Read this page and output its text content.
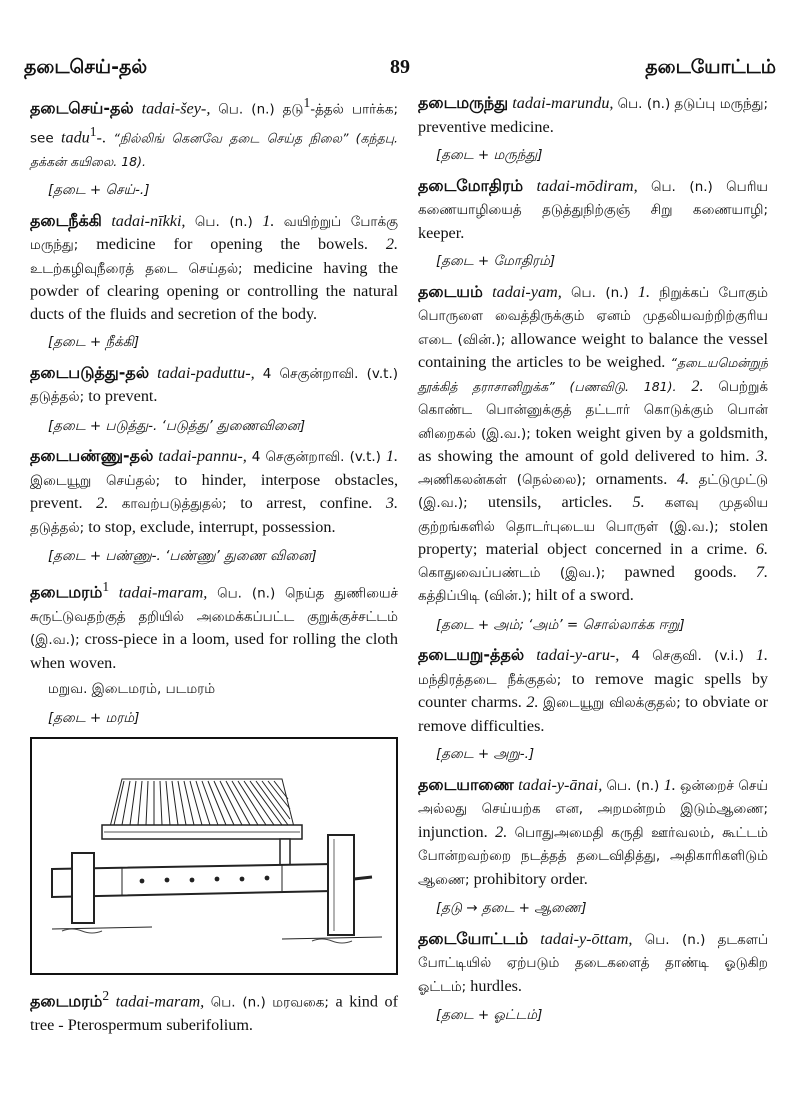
தடைசெய்-தல்	89	தடையோட்டம்
தடைசெய்-தல் tadai-šey-, பெ. (n.) தடு$^1$-த்தல் பார்க்க; see tadu$^1$-. “நில்லிங் கெனவே தடை செய்த நிலை” (கந்தபு. தக்கன் கயிலை. 18).
[தடை + செய்-.]
தடைநீக்கி tadai-nīkki, பெ. (n.) 1. வயிற்றுப் போக்கு மருந்து; medicine for opening the bowels. 2. உடற்கழிவுநீரைத் தடை செய்தல்; medicine having the powder of clearing opening or controlling the natural ducts of the fluids and secretion of the body.
[தடை + நீக்கி]
தடைபடுத்து-தல் tadai-paduttu-, 4 செகுன்றாவி. (v.t.) தடுத்தல்; to prevent.
[தடை + படுத்து-. ‘படுத்து’ துணைவினை]
தடைபண்ணு-தல் tadai-pannu-, 4 செகுன்றாவி. (v.t.) 1. இடையூறு செய்தல்; to hinder, interpose obstacles, prevent. 2. காவற்படுத்துதல்; to arrest, confine. 3. தடுத்தல்; to stop, exclude, interrupt, possession.
[தடை + பண்ணு-. ‘பண்ணு’ துணை வினை]
தடைமரம்$^1$ tadai-maram, பெ. (n.) நெய்த துணியைச் சுருட்டுவதற்குத் தறியில் அமைக்கப்பட்ட குறுக்குச்சட்டம் (இ.வ.); cross-piece in a loom, used for rolling the cloth when woven.
மறுவ. இடைமரம், படமரம்
[தடை + மரம்]
தடைமரம்$^2$ tadai-maram, பெ. (n.) மரவகை; a kind of tree - Pterospermum suberifolium.
தடைமருந்து tadai-marundu, பெ. (n.) தடுப்பு மருந்து; preventive medicine.
[தடை + மருந்து]
தடைமோதிரம் tadai-mōdiram, பெ. (n.) பெரிய கணையாழியைத் தடுத்துநிற்குஞ் சிறு கணையாழி; keeper.
[தடை + மோதிரம்]
தடையம் tadai-yam, பெ. (n.) 1. நிறுக்கப் போகும் பொருளை வைத்திருக்கும் ஏனம் முதலியவற்றிற்குரிய எடை (வின்.); allowance weight to balance the vessel containing the articles to be weighed. “தடையமென்றுந் தூக்கித் தராசானிறுக்க” (பணவிடு. 181). 2. பெற்றுக் கொண்ட பொன்னுக்குத் தட்டார் கொடுக்கும் பொன் னிறைகல் (இ.வ.); token weight given by a goldsmith, as showing the amount of gold delivered to him. 3. அணிகலன்கள் (நெல்லை); ornaments. 4. தட்டுமுட்டு (இ.வ.); utensils, articles. 5. களவு முதலிய குற்றங்களில் தொடர்புடைய பொருள் (இ.வ.); stolen property; material object concerned in a crime. 6. கொதுவைப்பண்டம் (இவ.); pawned goods. 7. கத்திப்பிடி (வின்.); hilt of a sword.
[தடை + அம்; ‘அம்’ = சொல்லாக்க ஈறு]
தடையறு-த்தல் tadai-y-aru-, 4 செகுவி. (v.i.) 1. மந்திரத்தடை நீக்குதல்; to remove magic spells by counter charms. 2. இடையூறு விலக்குதல்; to obviate or remove difficulties.
[தடை + அறு-.]
தடையாணை tadai-y-ānai, பெ. (n.) 1. ஒன்றைச் செய் அல்லது செய்யற்க என, அறமன்றம் இடும்ஆணை; injunction. 2. பொதுஅமைதி கருதி ஊர்வலம், கூட்டம் போன்றவற்றை நடத்தத் தடைவிதித்து, அதிகாரிகளிடும் ஆணை; prohibitory order.
[தடு → தடை + ஆணை]
தடையோட்டம் tadai-y-ōttam, பெ. (n.) தடகளப் போட்டியில் ஏற்படும் தடைகளைத் தாண்டி ஓடுகிற ஓட்டம்; hurdles.
[தடை + ஓட்டம்]
